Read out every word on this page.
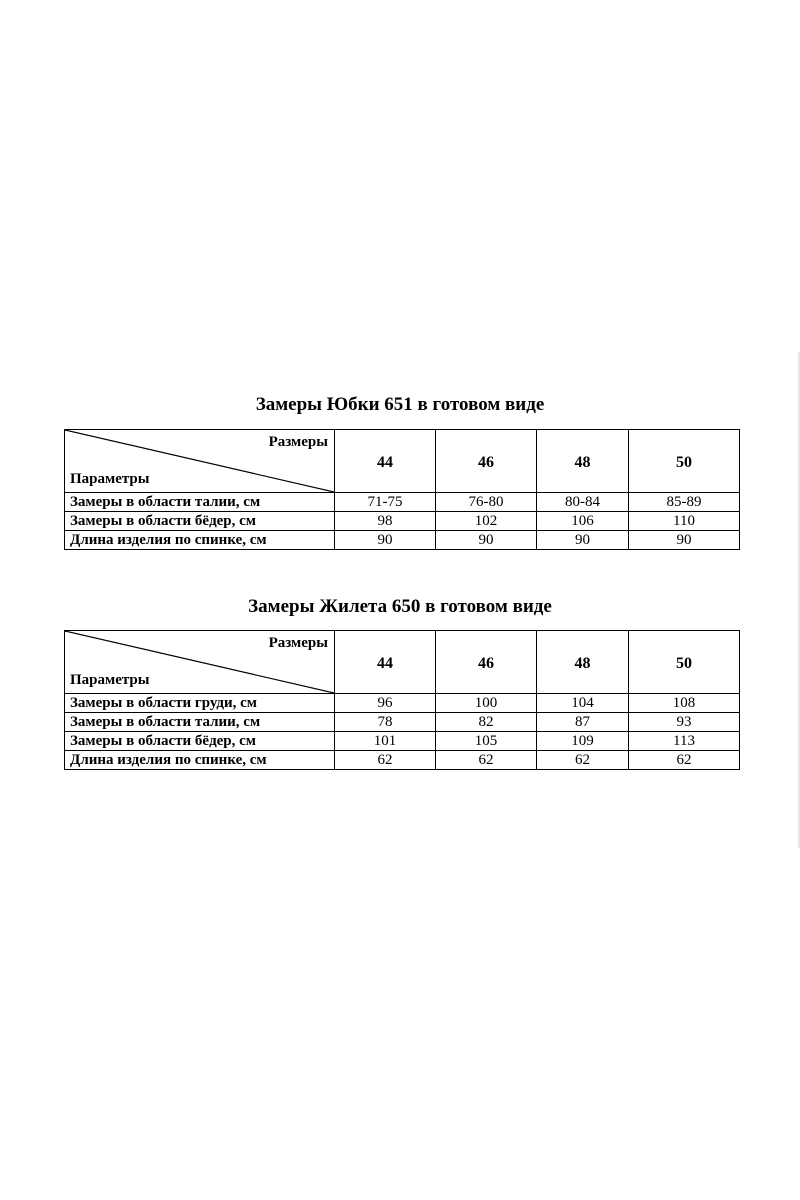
Замеры Юбки 651 в готовом виде
Размеры
Параметры	44	46	48	50
Замеры в области талии, см	71-75	76-80	80-84	85-89
Замеры в области бёдер, см	98	102	106	110
Длина изделия по спинке, см	90	90	90	90
Замеры Жилета 650 в готовом виде
Размеры
Параметры	44	46	48	50
Замеры в области груди, см	96	100	104	108
Замеры в области талии, см	78	82	87	93
Замеры в области бёдер, см	101	105	109	113
Длина изделия по спинке, см	62	62	62	62
